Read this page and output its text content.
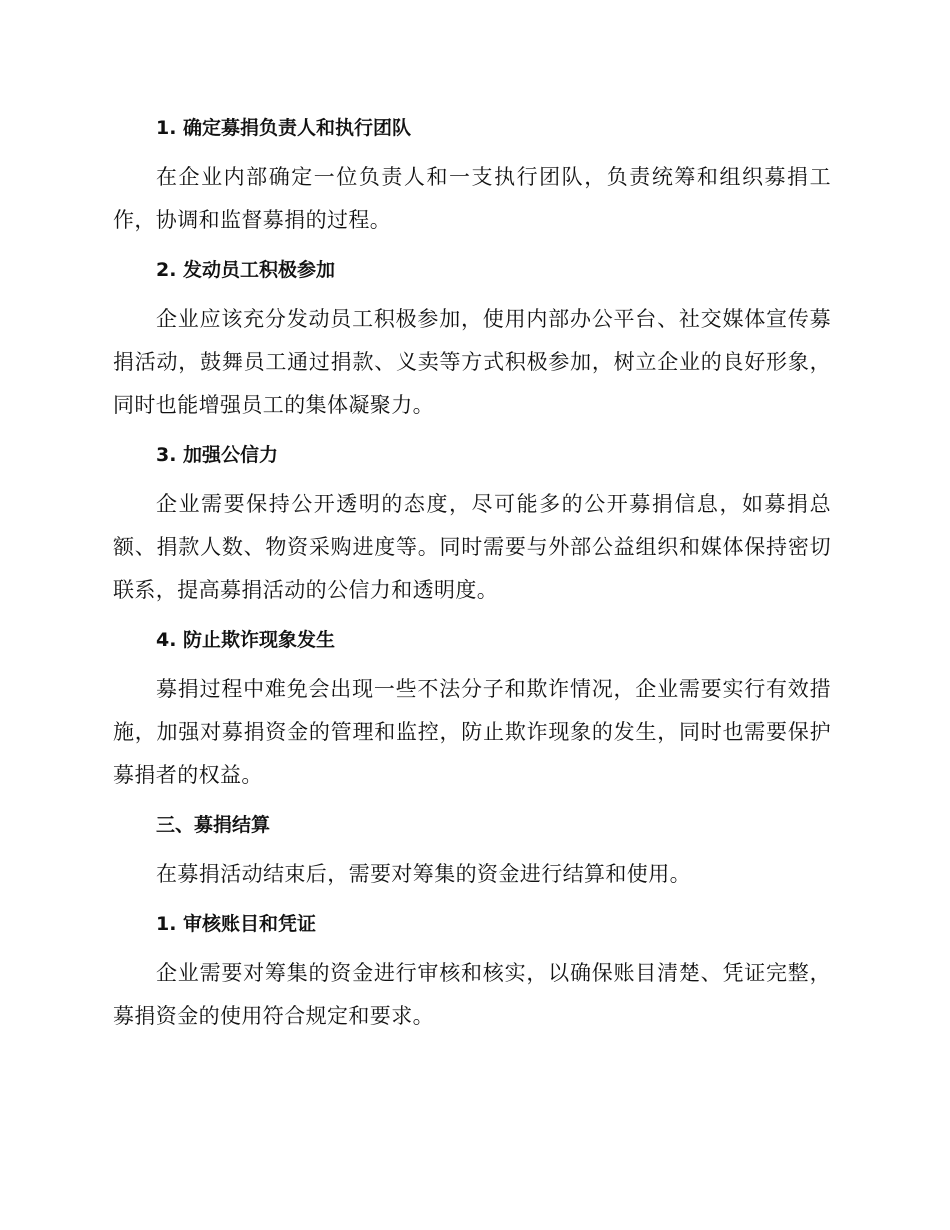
1. 确定募捐负责人和执行团队

在企业内部确定一位负责人和一支执行团队，负责统筹和组织募捐工作，协调和监督募捐的过程。

2. 发动员工积极参加

企业应该充分发动员工积极参加，使用内部办公平台、社交媒体宣传募捐活动，鼓舞员工通过捐款、义卖等方式积极参加，树立企业的良好形象，同时也能增强员工的集体凝聚力。

3. 加强公信力

企业需要保持公开透明的态度，尽可能多的公开募捐信息，如募捐总额、捐款人数、物资采购进度等。同时需要与外部公益组织和媒体保持密切联系，提高募捐活动的公信力和透明度。

4. 防止欺诈现象发生

募捐过程中难免会出现一些不法分子和欺诈情况，企业需要实行有效措施，加强对募捐资金的管理和监控，防止欺诈现象的发生，同时也需要保护募捐者的权益。

三、募捐结算

在募捐活动结束后，需要对筹集的资金进行结算和使用。

1. 审核账目和凭证

企业需要对筹集的资金进行审核和核实，以确保账目清楚、凭证完整，募捐资金的使用符合规定和要求。
